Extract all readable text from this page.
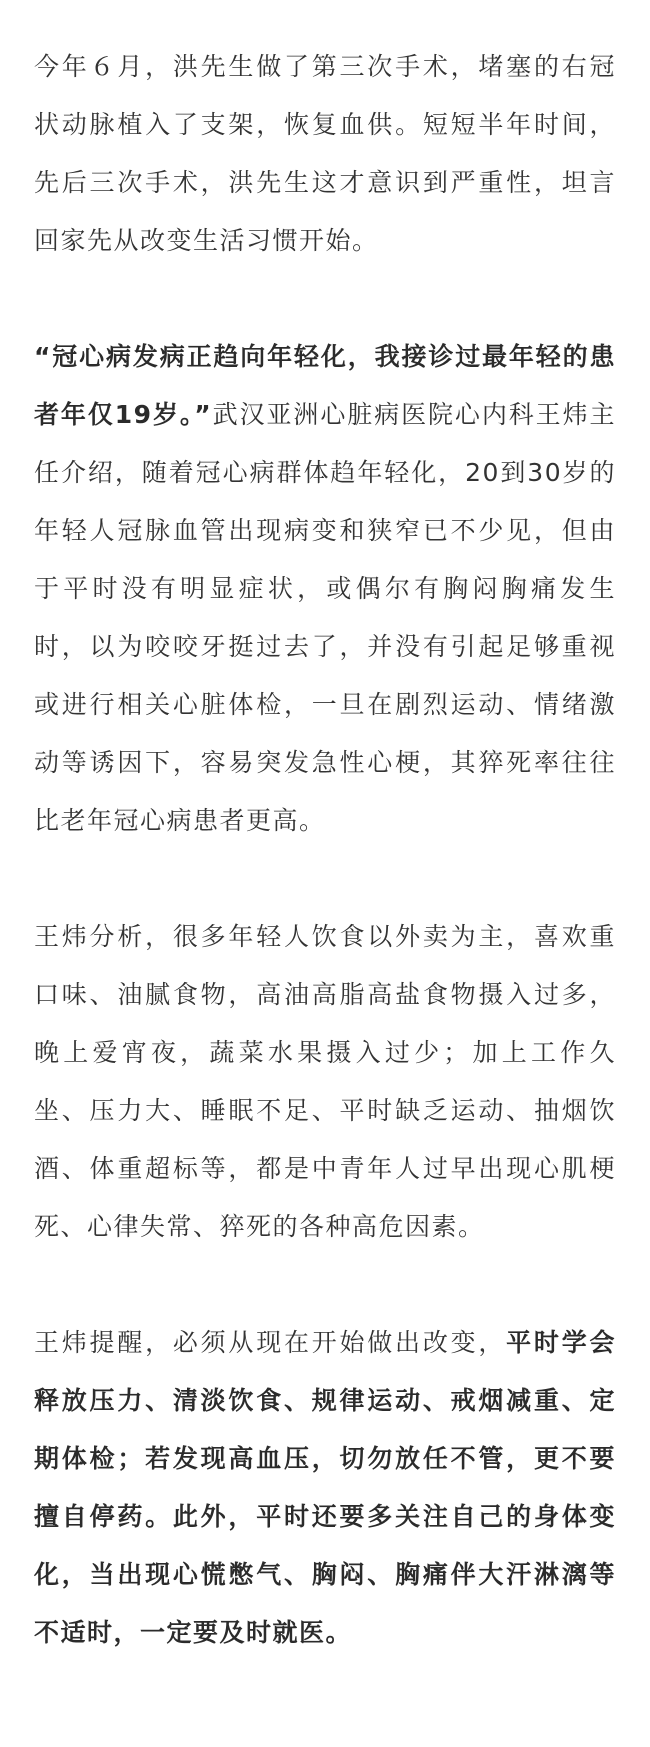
今年６月，洪先生做了第三次手术，堵塞的右冠状动脉植入了支架，恢复血供。短短半年时间，先后三次手术，洪先生这才意识到严重性，坦言回家先从改变生活习惯开始。

“冠心病发病正趋向年轻化，我接诊过最年轻的患者年仅19岁。”武汉亚洲心脏病医院心内科王炜主任介绍，随着冠心病群体趋年轻化，20到30岁的年轻人冠脉血管出现病变和狭窄已不少见，但由于平时没有明显症状，或偶尔有胸闷胸痛发生时，以为咬咬牙挺过去了，并没有引起足够重视或进行相关心脏体检，一旦在剧烈运动、情绪激动等诱因下，容易突发急性心梗，其猝死率往往比老年冠心病患者更高。

王炜分析，很多年轻人饮食以外卖为主，喜欢重口味、油腻食物，高油高脂高盐食物摄入过多，晚上爱宵夜，蔬菜水果摄入过少；加上工作久坐、压力大、睡眠不足、平时缺乏运动、抽烟饮酒、体重超标等，都是中青年人过早出现心肌梗死、心律失常、猝死的各种高危因素。

王炜提醒，必须从现在开始做出改变，平时学会释放压力、清淡饮食、规律运动、戒烟减重、定期体检；若发现高血压，切勿放任不管，更不要擅自停药。此外，平时还要多关注自己的身体变化，当出现心慌憋气、胸闷、胸痛伴大汗淋漓等不适时，一定要及时就医。
